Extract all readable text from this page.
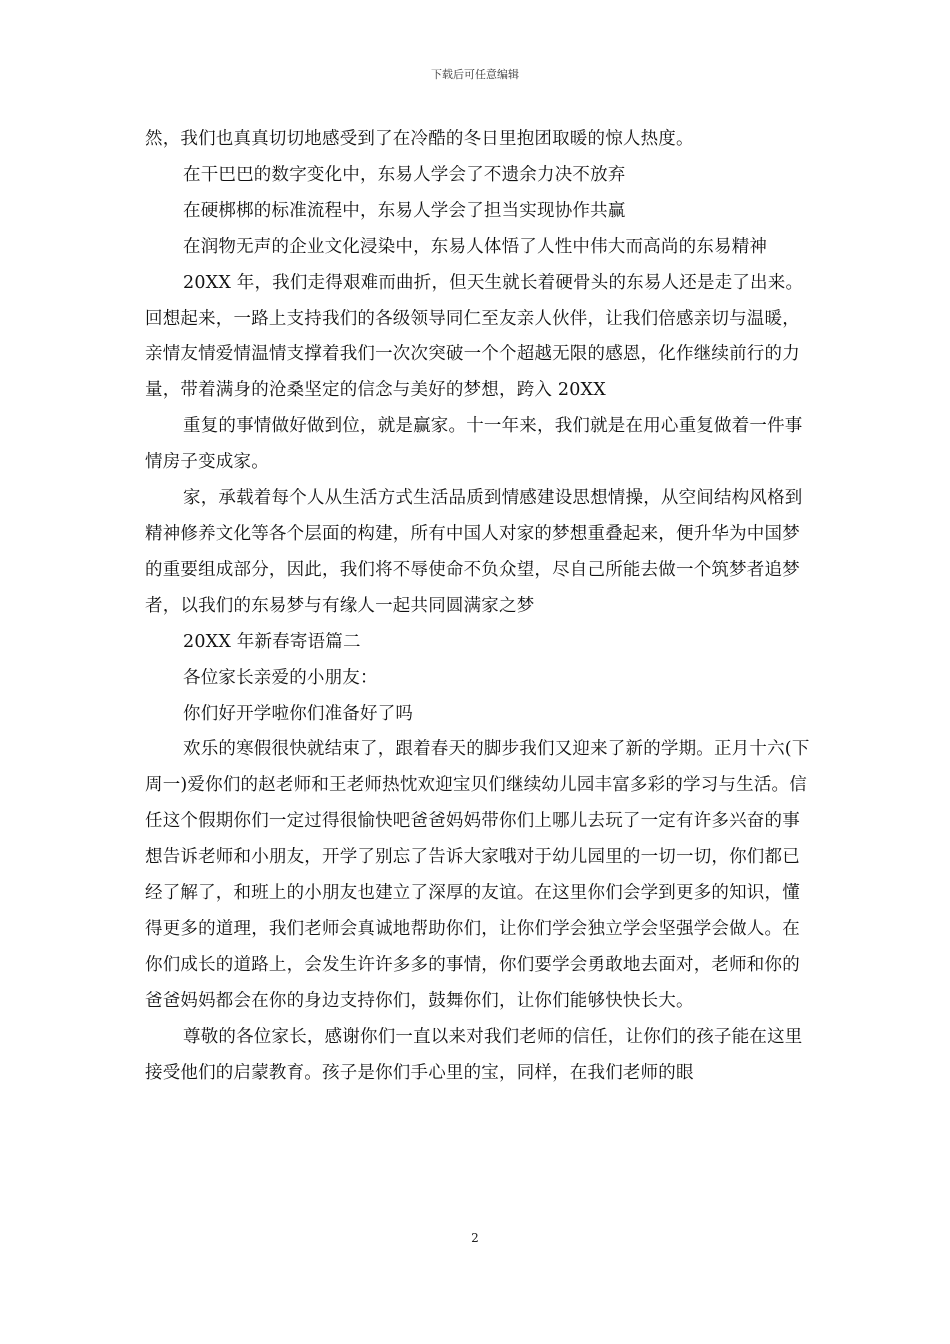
下载后可任意编辑

然，我们也真真切切地感受到了在冷酷的冬日里抱团取暖的惊人热度。

在干巴巴的数字变化中，东易人学会了不遗余力决不放弃

在硬梆梆的标准流程中，东易人学会了担当实现协作共赢

在润物无声的企业文化浸染中，东易人体悟了人性中伟大而高尚的东易精神

20XX 年，我们走得艰难而曲折，但天生就长着硬骨头的东易人还是走了出来。回想起来，一路上支持我们的各级领导同仁至友亲人伙伴，让我们倍感亲切与温暖，亲情友情爱情温情支撑着我们一次次突破一个个超越无限的感恩，化作继续前行的力量，带着满身的沧桑坚定的信念与美好的梦想，跨入 20XX

重复的事情做好做到位，就是赢家。十一年来，我们就是在用心重复做着一件事情房子变成家。

家，承载着每个人从生活方式生活品质到情感建设思想情操，从空间结构风格到精神修养文化等各个层面的构建，所有中国人对家的梦想重叠起来，便升华为中国梦的重要组成部分，因此，我们将不辱使命不负众望，尽自己所能去做一个筑梦者追梦者，以我们的东易梦与有缘人一起共同圆满家之梦

20XX 年新春寄语篇二

各位家长亲爱的小朋友：

你们好开学啦你们准备好了吗

欢乐的寒假很快就结束了，跟着春天的脚步我们又迎来了新的学期。正月十六(下周一)爱你们的赵老师和王老师热忱欢迎宝贝们继续幼儿园丰富多彩的学习与生活。信任这个假期你们一定过得很愉快吧爸爸妈妈带你们上哪儿去玩了一定有许多兴奋的事想告诉老师和小朋友，开学了别忘了告诉大家哦对于幼儿园里的一切一切，你们都已经了解了，和班上的小朋友也建立了深厚的友谊。在这里你们会学到更多的知识，懂得更多的道理，我们老师会真诚地帮助你们，让你们学会独立学会坚强学会做人。在你们成长的道路上，会发生许许多多的事情，你们要学会勇敢地去面对，老师和你的爸爸妈妈都会在你的身边支持你们，鼓舞你们，让你们能够快快长大。

尊敬的各位家长，感谢你们一直以来对我们老师的信任，让你们的孩子能在这里接受他们的启蒙教育。孩子是你们手心里的宝，同样，在我们老师的眼

2
